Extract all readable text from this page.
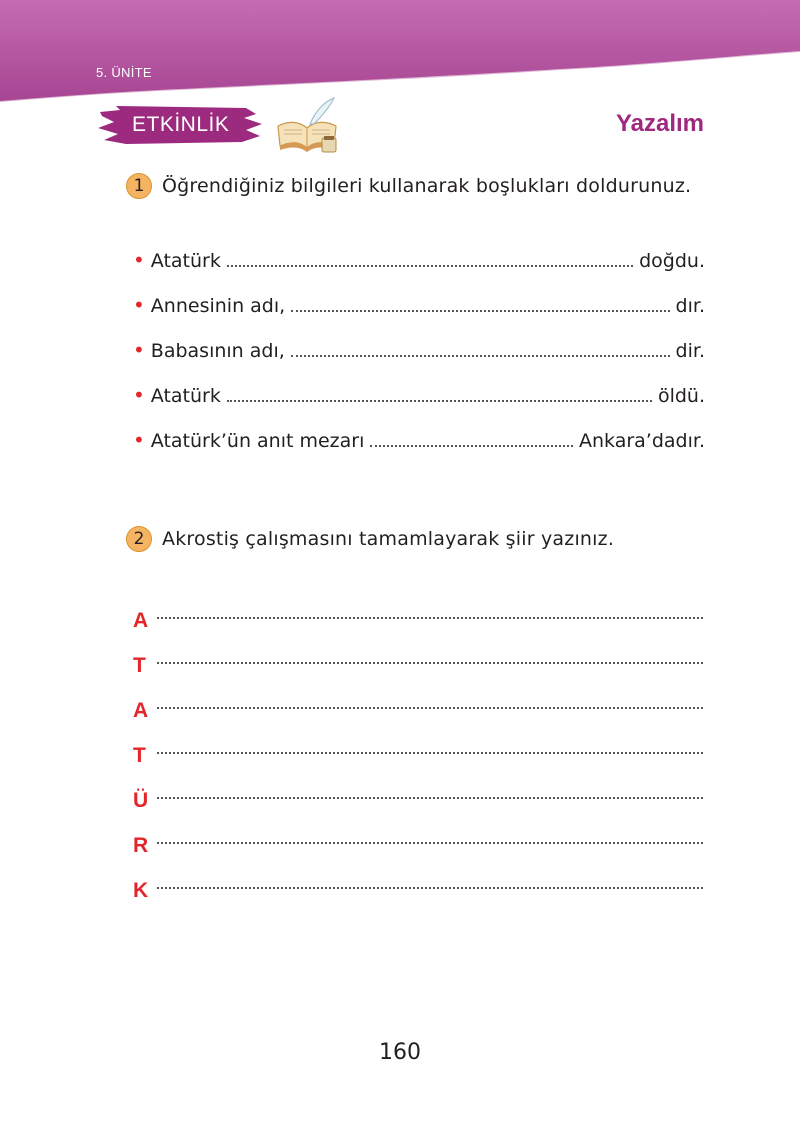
5. ÜNİTE
ETKİNLİK	Yazalım
1 Öğrendiğiniz bilgileri kullanarak boşlukları doldurunuz.
• Atatürk	doğdu.
• Annesinin adı,	dır.
• Babasının adı,	dir.
• Atatürk	öldü.
• Atatürk’ün anıt mezarı	Ankara’dadır.
2 Akrostiş çalışmasını tamamlayarak şiir yazınız.
A
T
A
T
Ü
R
K
160
